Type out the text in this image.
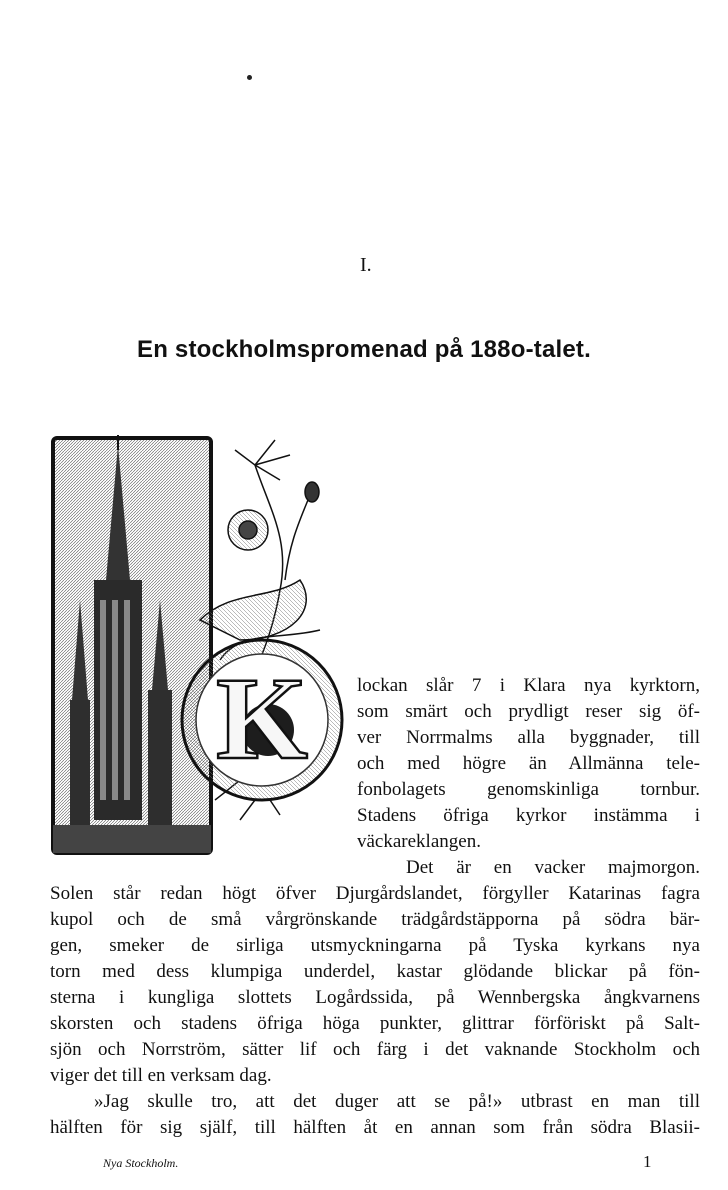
I.
En stockholmspromenad på 188o-talet.
K	lockan slår 7 i Klara nya kyrktorn,
som smärt och prydligt reser sig öf-
ver Norrmalms alla byggnader, till
och med högre än Allmänna tele-
fonbolagets genomskinliga tornbur.
Stadens öfriga kyrkor instämma i
väckareklangen.
Det är en vacker majmorgon.
Solen står redan högt öfver Djurgårdslandet, förgyller Katarinas fagra
kupol och de små vårgrönskande trädgårdstäpporna på södra bär-
gen, smeker de sirliga utsmyckningarna på Tyska kyrkans nya
torn med dess klumpiga underdel, kastar glödande blickar på fön-
sterna i kungliga slottets Logårdssida, på Wennbergska ångkvarnens
skorsten och stadens öfriga höga punkter, glittrar förföriskt på Salt-
sjön och Norrström, sätter lif och färg i det vaknande Stockholm och
viger det till en verksam dag.
»Jag skulle tro, att det duger att se på!» utbrast en man till
hälften för sig själf, till hälften åt en annan som från södra Blasii-
Nya Stockholm.	1
